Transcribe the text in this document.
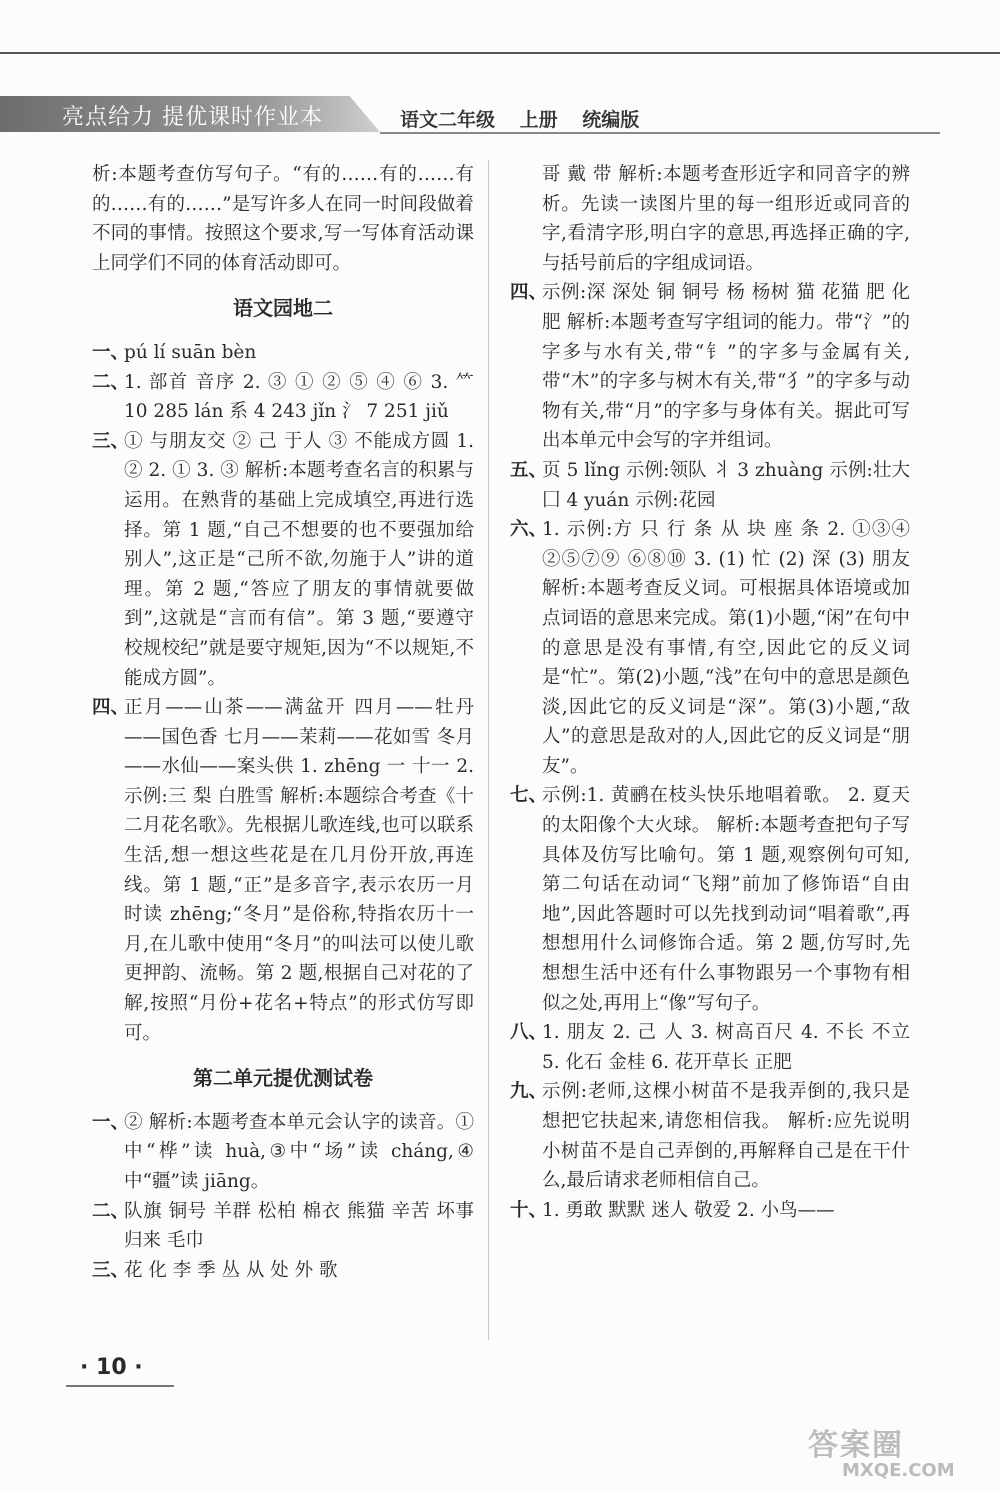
亮点给力 提优课时作业本	语文二年级 上册 统编版
析:本题考查仿写句子。“有的……有的……有的……有的……”是写许多人在同一时间段做着不同的事情。按照这个要求,写一写体育活动课上同学们不同的体育活动即可。
语文园地二
一、
pú lí suān bèn
二、
1. 部首 音序 2. ③ ① ② ⑤ ④ ⑥ 3. ⺮ 10 285 lán 系 4 243 jǐn 氵 7 251 jiǔ
三、
① 与朋友交 ② 己 于人 ③ 不能成方圆 1. ② 2. ① 3. ③ 解析:本题考查名言的积累与运用。在熟背的基础上完成填空,再进行选择。第 1 题,“自己不想要的也不要强加给别人”,这正是“己所不欲,勿施于人”讲的道理。第 2 题,“答应了朋友的事情就要做到”,这就是“言而有信”。第 3 题,“要遵守校规校纪”就是要守规矩,因为“不以规矩,不能成方圆”。
四、
正月——山茶——满盆开 四月——牡丹——国色香 七月——茉莉——花如雪 冬月——水仙——案头供 1. zhēng 一 十一 2. 示例:三 梨 白胜雪 解析:本题综合考查《十二月花名歌》。先根据儿歌连线,也可以联系生活,想一想这些花是在几月份开放,再连线。第 1 题,“正”是多音字,表示农历一月时读 zhēng;“冬月”是俗称,特指农历十一月,在儿歌中使用“冬月”的叫法可以使儿歌更押韵、流畅。第 2 题,根据自己对花的了解,按照“月份+花名+特点”的形式仿写即可。
第二单元提优测试卷
一、
② 解析:本题考查本单元会认字的读音。①中“桦”读 huà,③中“场”读 cháng,④中“疆”读 jiāng。
二、
队旗 铜号 羊群 松柏 棉衣 熊猫 辛苦 坏事 归来 毛巾
三、
花 化 李 季 丛 从 处 外 歌
哥 戴 带 解析:本题考查形近字和同音字的辨析。先读一读图片里的每一组形近或同音的字,看清字形,明白字的意思,再选择正确的字,与括号前后的字组成词语。
四、
示例:深 深处 铜 铜号 杨 杨树 猫 花猫 肥 化肥 解析:本题考查写字组词的能力。带“氵”的字多与水有关,带“钅”的字多与金属有关,带“木”的字多与树木有关,带“犭”的字多与动物有关,带“月”的字多与身体有关。据此可写出本单元中会写的字并组词。
五、
页 5 lǐng 示例:领队 丬 3 zhuàng 示例:壮大 囗 4 yuán 示例:花园
六、
1. 示例:方 只 行 条 从 块 座 条 2. ①③④ ②⑤⑦⑨ ⑥⑧⑩ 3. (1) 忙 (2) 深 (3) 朋友 解析:本题考查反义词。可根据具体语境或加点词语的意思来完成。第(1)小题,“闲”在句中的意思是没有事情,有空,因此它的反义词是“忙”。第(2)小题,“浅”在句中的意思是颜色淡,因此它的反义词是“深”。第(3)小题,“敌人”的意思是敌对的人,因此它的反义词是“朋友”。
七、
示例:1. 黄鹂在枝头快乐地唱着歌。 2. 夏天的太阳像个大火球。 解析:本题考查把句子写具体及仿写比喻句。第 1 题,观察例句可知,第二句话在动词“飞翔”前加了修饰语“自由地”,因此答题时可以先找到动词“唱着歌”,再想想用什么词修饰合适。第 2 题,仿写时,先想想生活中还有什么事物跟另一个事物有相似之处,再用上“像”写句子。
八、
1. 朋友 2. 己 人 3. 树高百尺 4. 不长 不立 5. 化石 金桂 6. 花开草长 正肥
九、
示例:老师,这棵小树苗不是我弄倒的,我只是想把它扶起来,请您相信我。 解析:应先说明小树苗不是自己弄倒的,再解释自己是在干什么,最后请求老师相信自己。
十、
1. 勇敢 默默 迷人 敬爱 2. 小鸟——
· 10 ·
答案圈
MXQE.COM
